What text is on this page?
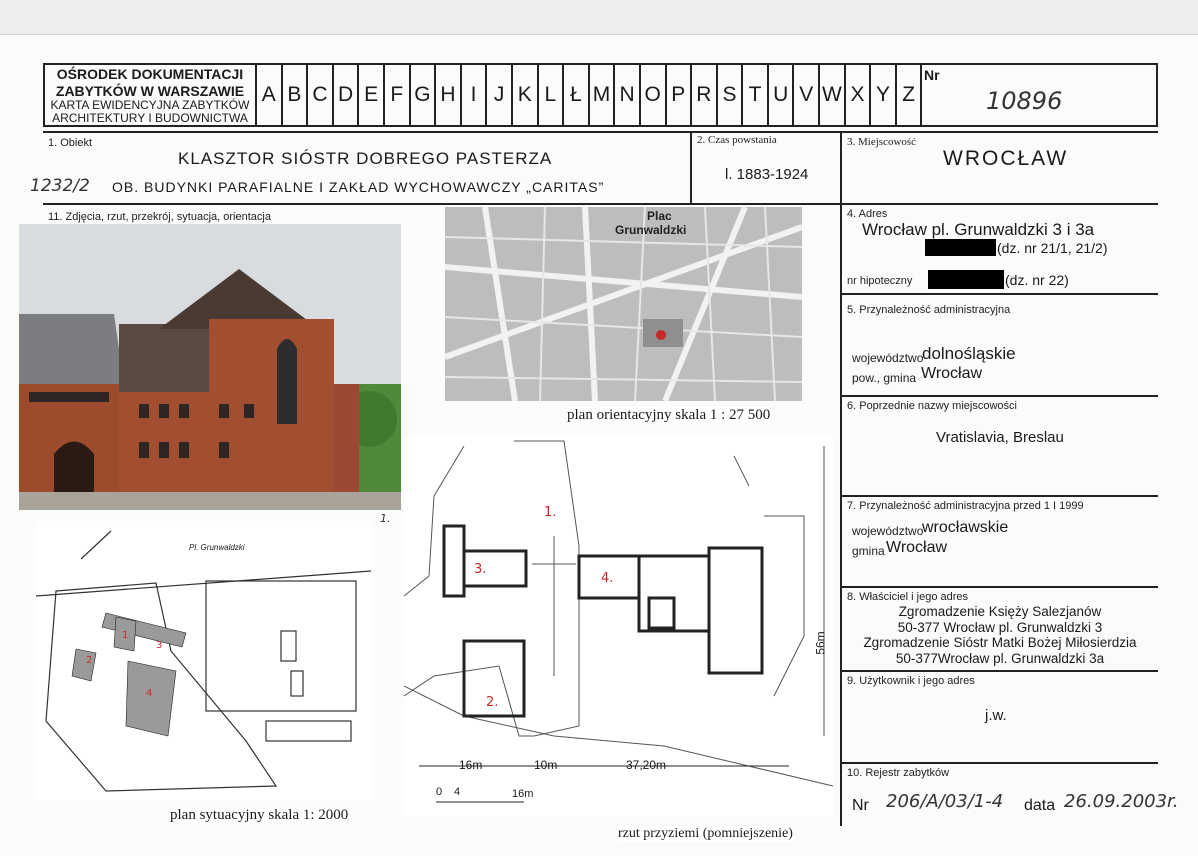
OŚRODEK DOKUMENTACJI
ZABYTKÓW W WARSZAWIE
KARTA EWIDENCYJNA ZABYTKÓW
ARCHITEKTURY I BUDOWNICTWA
A B C D E F G H I J K L Ł M N O P R S T U V W X Y Z
Nr
10896
1. Obiekt
KLASZTOR SIÓSTR DOBREGO PASTERZA
OB. BUDYNKI PARAFIALNE I ZAKŁAD WYCHOWAWCZY „CARITAS”
1232/2
2. Czas powstania
l. 1883-1924
3. Miejscowość
WROCŁAW
11. Zdjęcia, rzut, przekrój, sytuacja, orientacja	4. Adres
Wrocław pl. Grunwaldzki 3 i 3a
(dz. nr 21/1, 21/2)
nr hipoteczny	(dz. nr 22)
5. Przynależność administracyjna
województwo
dolnośląskie
pow., gmina Wrocław
6. Poprzednie nazwy miejscowości
Vratislavia, Breslau
7. Przynależność administracyjna przed 1 I 1999
województwo
wrocławskie
gmina Wrocław
8. Właściciel i jego adres
Zgromadzenie Księży Salezjanów
50-377 Wrocław pl. Grunwaldzki 3
Zgromadzenie Sióstr Matki Bożej Miłosierdzia
50-377Wrocław pl. Grunwaldzki 3a
9. Użytkownik i jego adres
j.w.
10. Rejestr zabytków
Nr 206/A/03/1-4 data 26.09.2003r.
1.
Plac
Grunwaldzki
plan orientacyjny skala 1 : 27 500
1
2
3
4
Pl. Grunwaldzki
plan sytuacyjny skala 1: 2000
1.
2.
3.
4.
56m
16m	10m	37,20m
0 4	16m
rzut przyziemi (pomniejszenie)
